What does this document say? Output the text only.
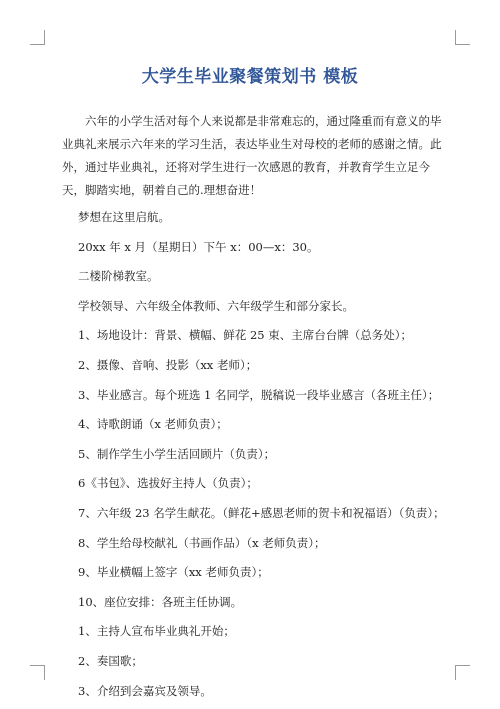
大学生毕业聚餐策划书 模板

六年的小学生活对每个人来说都是非常难忘的，通过隆重而有意义的毕业典礼来展示六年来的学习生活，表达毕业生对母校的老师的感谢之情。此外，通过毕业典礼，还将对学生进行一次感恩的教育，并教育学生立足今天，脚踏实地，朝着自己的.理想奋进！

梦想在这里启航。

20xx 年 x 月（星期日）下午 x：00—x：30。

二楼阶梯教室。

学校领导、六年级全体教师、六年级学生和部分家长。

1、场地设计：背景、横幅、鲜花 25 束、主席台台牌（总务处）；

2、摄像、音响、投影（xx 老师）；

3、毕业感言。每个班选 1 名同学，脱稿说一段毕业感言（各班主任）；

4、诗歌朗诵（x 老师负责）；

5、制作学生小学生活回顾片（负责）；

6《书包》、选拔好主持人（负责）；

7、六年级 23 名学生献花。（鲜花+感恩老师的贺卡和祝福语）（负责）；

8、学生给母校献礼（书画作品）（x 老师负责）；

9、毕业横幅上签字（xx 老师负责）；

10、座位安排：各班主任协调。

1、主持人宣布毕业典礼开始；

2、奏国歌；

3、介绍到会嘉宾及领导。
